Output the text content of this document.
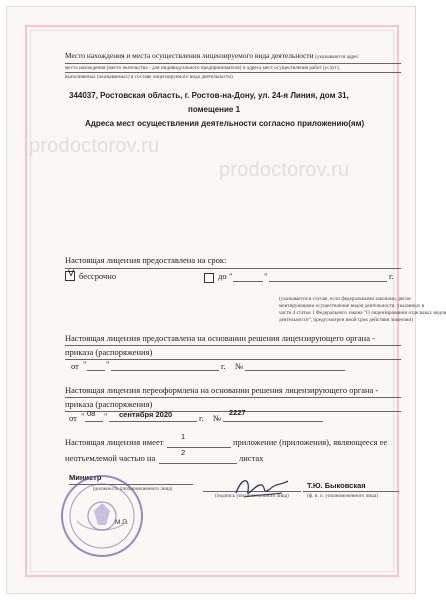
Место нахождения и места осуществления лицензируемого вида деятельности (указываются адрес
места нахождения (место жительства - для индивидуального предпринимателя) и адреса мест осуществления работ (услуг),
выполняемых (оказываемых) в составе лицензируемого вида деятельности)
344037, Ростовская область, г. Ростов-на-Дону, ул. 24-я Линия, дом 31,
помещение 1
Адреса мест осуществления деятельности согласно приложению(ям)
prodoctorov.ru
prodoctorov.ru
Настоящая лицензия предоставлена на срок:
V бессрочно	до "	"	г.
(указывается в случае, если федеральными законами, регла-
ментирующими осуществление видов деятельности, указанных в
части 4 статьи 1 Федерального закона "О лицензировании отдельных видов
деятельности", предусмотрен иной срок действия лицензии)
Настоящая лицензия предоставлена на основании решения лицензирующего органа -
приказа (распоряжения)
от " "	г. №
Настоящая лицензия переоформлена на основании решения лицензирующего органа -
приказа (распоряжения)
от " 08 " сентября 2020	г. №
2227
Настоящая лицензия имеет
1
приложение (приложения), являющееся ее
неотъемлемой частью на
2
листах
Министр
(должность уполномоченного лица)
(подпись уполномоченного лица)
Т.Ю. Быковская
(ф. и. о. уполномоченного лица)
М.П.
